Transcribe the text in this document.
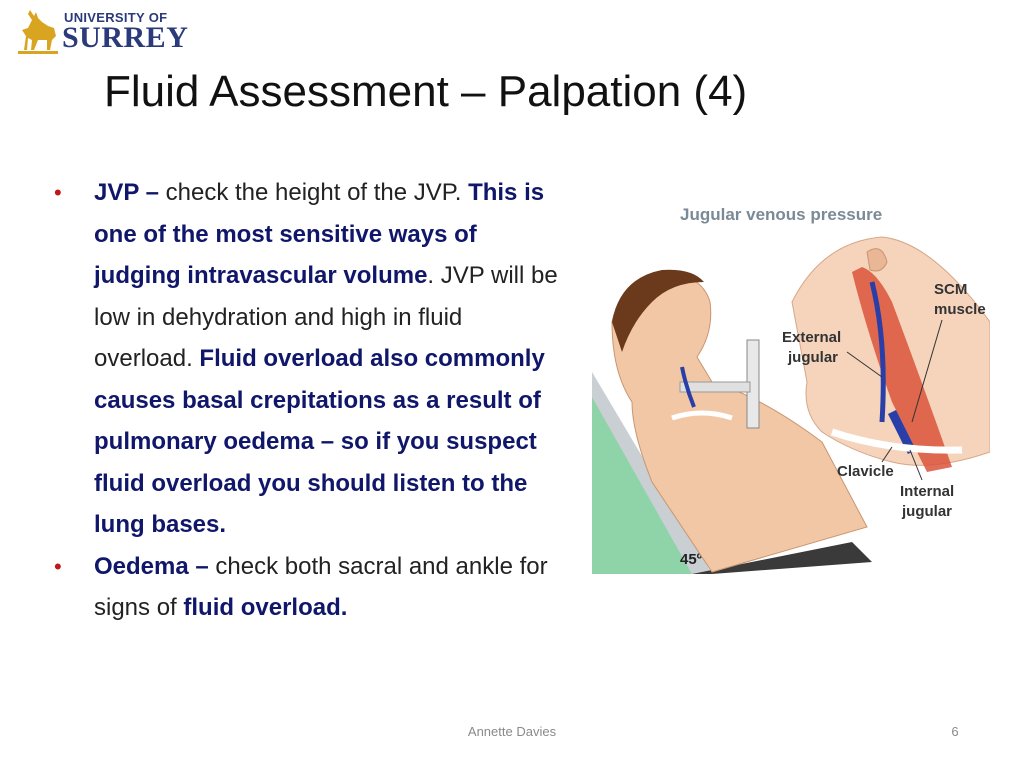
UNIVERSITY OF
SURREY
Fluid Assessment – Palpation (4)
• JVP – check the height of the JVP. This is one of the most sensitive ways of judging intravascular volume. JVP will be low in dehydration and high in fluid overload. Fluid overload also commonly causes basal crepitations as a result of pulmonary oedema – so if you suspect fluid overload you should listen to the lung bases.
• Oedema – check both sacral and ankle for signs of fluid overload.
Jugular venous pressure
45º
SCM
muscle
External
jugular
Clavicle
Internal
jugular
Annette Davies	6
